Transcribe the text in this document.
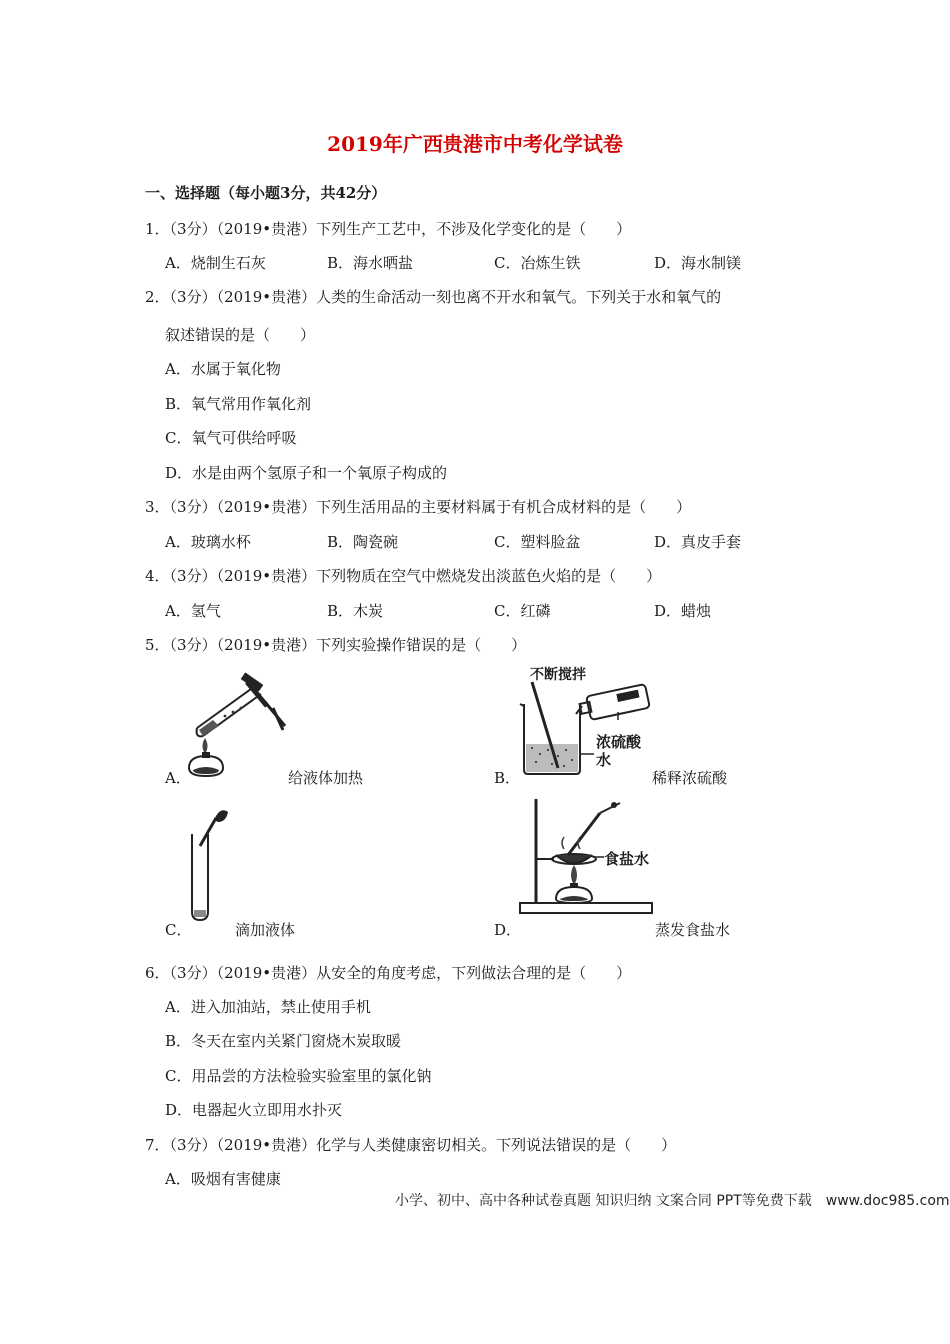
2019年广西贵港市中考化学试卷
一、选择题（每小题3分，共42分）
1．（3分）（2019•贵港）下列生产工艺中，不涉及化学变化的是（　　）
A．烧制生石灰	B．海水晒盐	C．冶炼生铁	D．海水制镁
2．（3分）（2019•贵港）人类的生命活动一刻也离不开水和氧气。下列关于水和氧气的
叙述错误的是（　　）
A．水属于氧化物
B．氧气常用作氧化剂
C．氧气可供给呼吸
D．水是由两个氢原子和一个氧原子构成的
3．（3分）（2019•贵港）下列生活用品的主要材料属于有机合成材料的是（　　）
A．玻璃水杯	B．陶瓷碗	C．塑料脸盆	D．真皮手套
4．（3分）（2019•贵港）下列物质在空气中燃烧发出淡蓝色火焰的是（　　）
A．氢气	B．木炭	C．红磷	D．蜡烛
5．（3分）（2019•贵港）下列实验操作错误的是（　　）
A．	给液体加热
不断搅拌
浓硫酸
水
B．	稀释浓硫酸
C．	滴加液体
食盐水
D．	蒸发食盐水
6．（3分）（2019•贵港）从安全的角度考虑，下列做法合理的是（　　）
A．进入加油站，禁止使用手机
B．冬天在室内关紧门窗烧木炭取暖
C．用品尝的方法检验实验室里的氯化钠
D．电器起火立即用水扑灭
7．（3分）（2019•贵港）化学与人类健康密切相关。下列说法错误的是（　　）
A．吸烟有害健康
小学、初中、高中各种试卷真题 知识归纳 文案合同 PPT等免费下载　www.doc985.com
